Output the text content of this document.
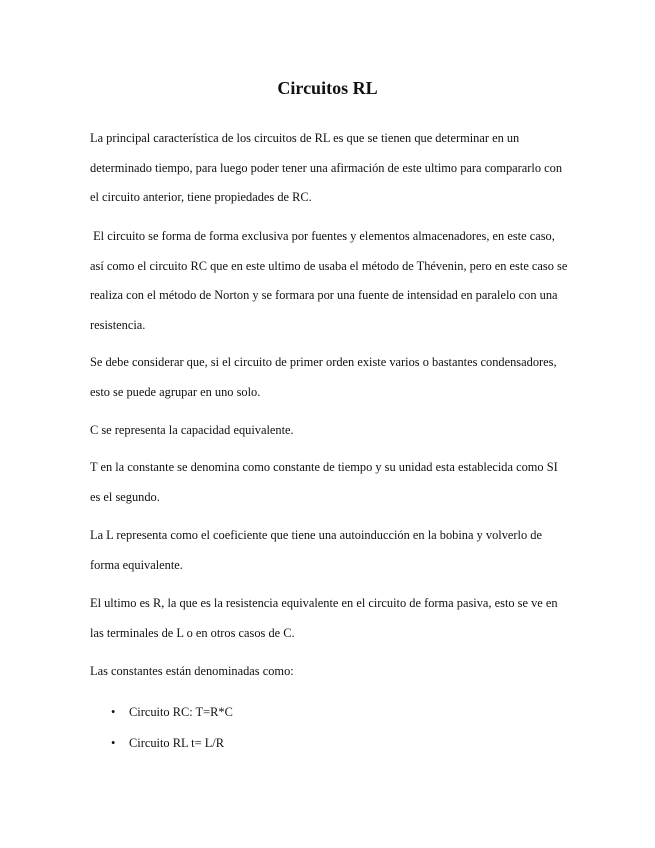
Circuitos RL

La principal característica de los circuitos de RL es que se tienen que determinar en un determinado tiempo, para luego poder tener una afirmación de este ultimo para compararlo con el circuito anterior, tiene propiedades de RC.

El circuito se forma de forma exclusiva por fuentes y elementos almacenadores, en este caso, así como el circuito RC que en este ultimo de usaba el método de Thévenin, pero en este caso se realiza con el método de Norton y se formara por una fuente de intensidad en paralelo con una resistencia.

Se debe considerar que, si el circuito de primer orden existe varios o bastantes condensadores, esto se puede agrupar en uno solo.

C se representa la capacidad equivalente.

T en la constante se denomina como constante de tiempo y su unidad esta establecida como SI es el segundo.

La L representa como el coeficiente que tiene una autoinducción en la bobina y volverlo de forma equivalente.

El ultimo es R, la que es la resistencia equivalente en el circuito de forma pasiva, esto se ve en las terminales de L o en otros casos de C.

Las constantes están denominadas como:

• Circuito RC: T=R*C
• Circuito RL t= L/R
